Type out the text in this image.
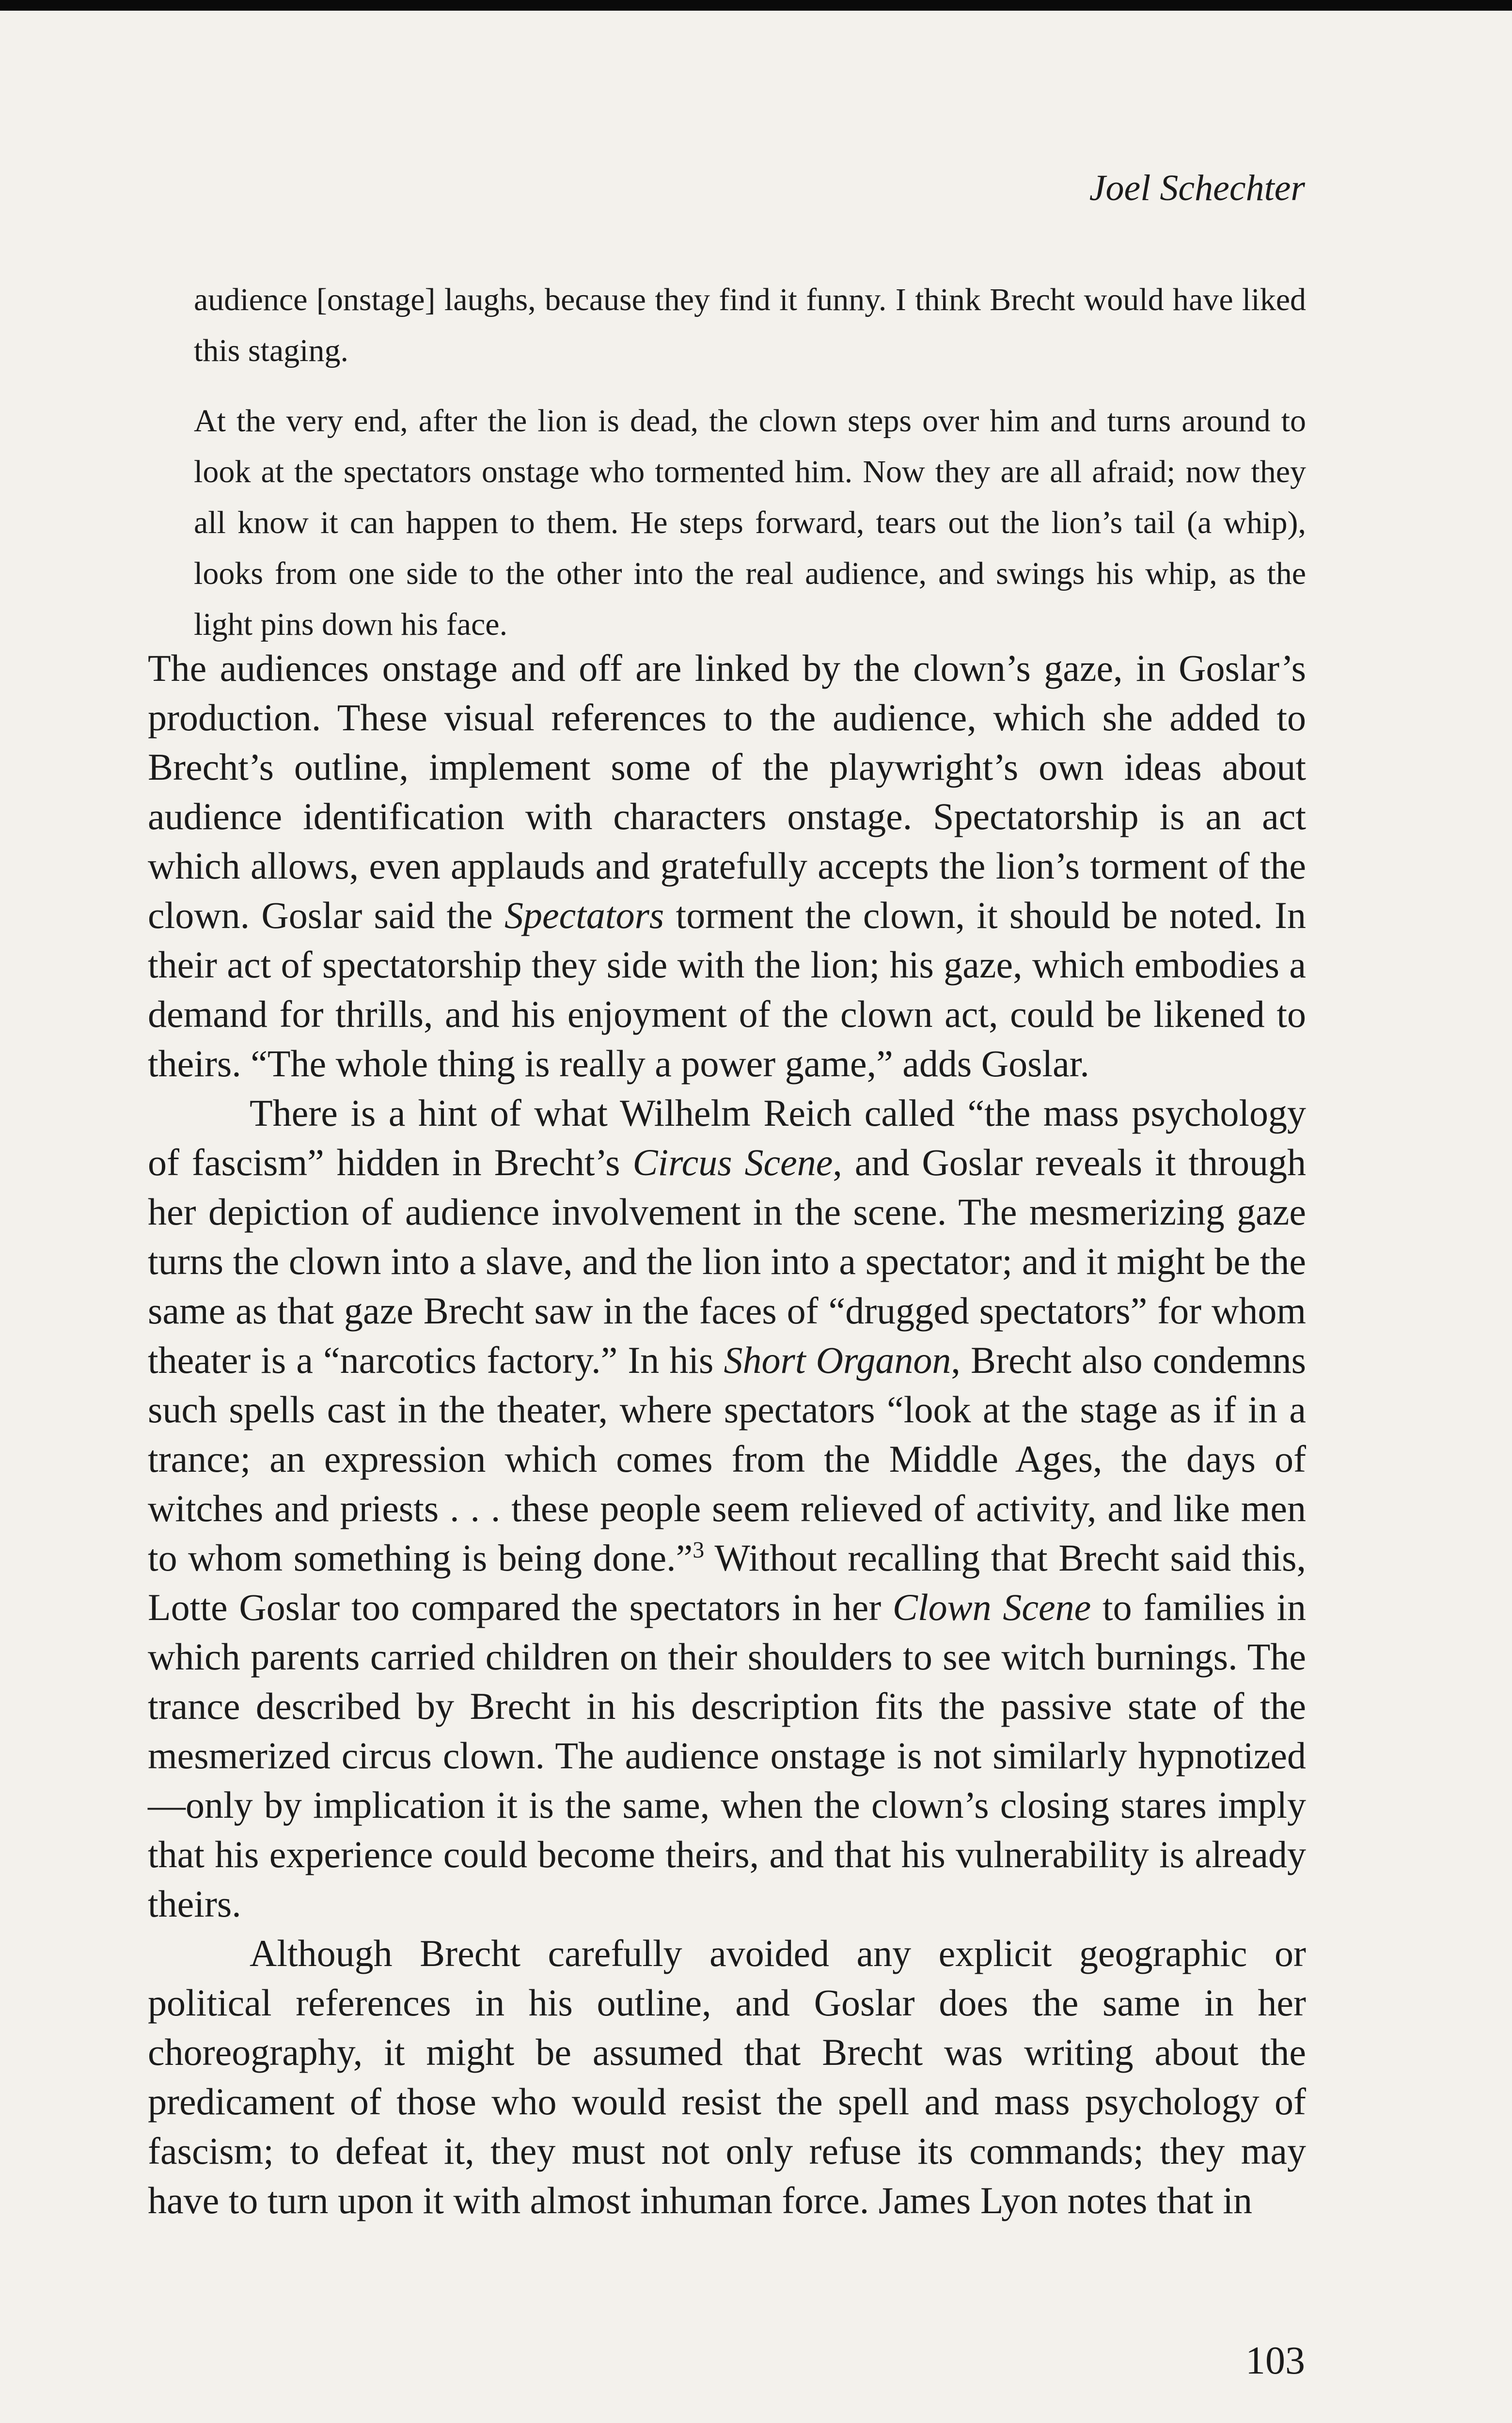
Joel Schechter

audience [onstage] laughs, because they find it funny. I think Brecht would have liked this staging.

At the very end, after the lion is dead, the clown steps over him and turns around to look at the spectators onstage who tormented him. Now they are all afraid; now they all know it can happen to them. He steps forward, tears out the lion’s tail (a whip), looks from one side to the other into the real audience, and swings his whip, as the light pins down his face.

The audiences onstage and off are linked by the clown’s gaze, in Goslar’s production. These visual references to the audience, which she added to Brecht’s outline, implement some of the playwright’s own ideas about audience identification with characters onstage. Spectatorship is an act which allows, even applauds and gratefully accepts the lion’s torment of the clown. Goslar said the Spectators torment the clown, it should be noted. In their act of spectatorship they side with the lion; his gaze, which embodies a demand for thrills, and his enjoyment of the clown act, could be likened to theirs. “The whole thing is really a power game,” adds Goslar.

There is a hint of what Wilhelm Reich called “the mass psychology of fascism” hidden in Brecht’s Circus Scene, and Goslar reveals it through her depiction of audience involvement in the scene. The mesmerizing gaze turns the clown into a slave, and the lion into a spectator; and it might be the same as that gaze Brecht saw in the faces of “drugged spectators” for whom theater is a “narcotics factory.” In his Short Organon, Brecht also condemns such spells cast in the theater, where spectators “look at the stage as if in a trance; an expression which comes from the Middle Ages, the days of witches and priests . . . these people seem relieved of activity, and like men to whom something is being done.”$^3$ Without recalling that Brecht said this, Lotte Goslar too compared the spectators in her Clown Scene to families in which parents carried children on their shoulders to see witch burnings. The trance described by Brecht in his description fits the passive state of the mesmerized circus clown. The audience onstage is not similarly hypnotized—only by implication it is the same, when the clown’s closing stares imply that his experience could become theirs, and that his vulnerability is already theirs.

Although Brecht carefully avoided any explicit geographic or political references in his outline, and Goslar does the same in her choreography, it might be assumed that Brecht was writing about the predicament of those who would resist the spell and mass psychology of fascism; to defeat it, they must not only refuse its commands; they may have to turn upon it with almost inhuman force. James Lyon notes that in

103
